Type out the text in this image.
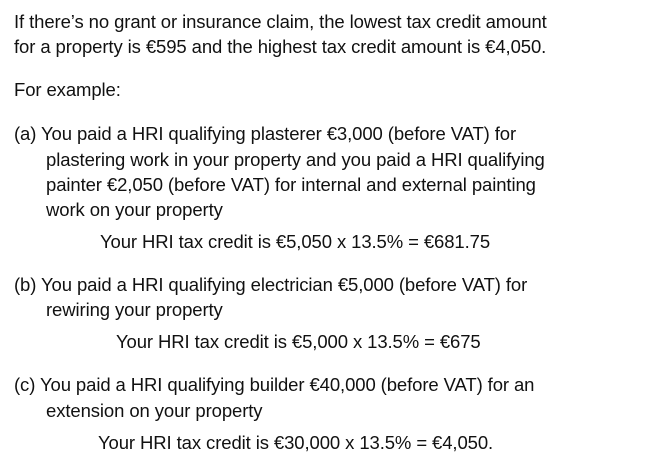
If there’s no grant or insurance claim, the lowest tax credit amount
for a property is €595 and the highest tax credit amount is €4,050.
For example:
(a) You paid a HRI qualifying plasterer €3,000 (before VAT) for
plastering work in your property and you paid a HRI qualifying
painter €2,050 (before VAT) for internal and external painting
work on your property
Your HRI tax credit is €5,050 x 13.5% = €681.75
(b) You paid a HRI qualifying electrician €5,000 (before VAT) for
rewiring your property
Your HRI tax credit is €5,000 x 13.5% = €675
(c) You paid a HRI qualifying builder €40,000 (before VAT) for an
extension on your property
Your HRI tax credit is €30,000 x 13.5% = €4,050.
